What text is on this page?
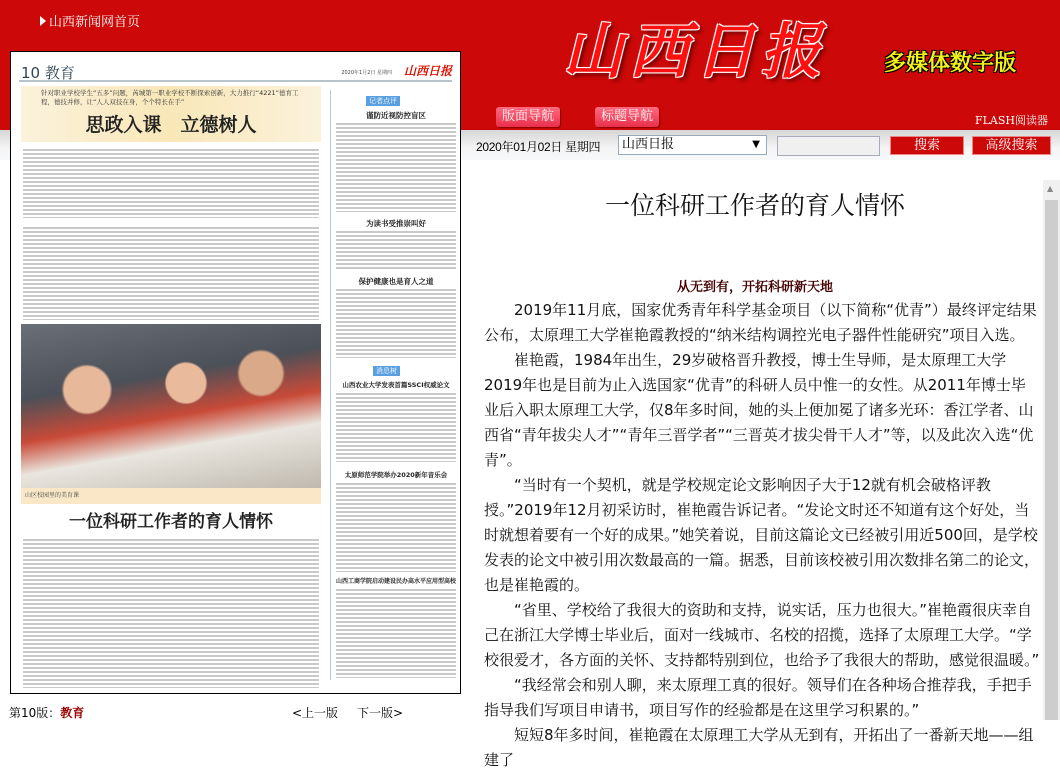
山西新闻网首页	山西日报	多媒体数字版
版面导航	标题导航	FLASH阅读器
2020年01月02日 星期四	山西日报	▼	搜索	高级搜索
10 教育	2020年1月2日 星期四 山西日报
针对职业学校学生“五多”问题，芮城第一职业学校不断探索创新，大力推行“4221”德育工程，德技并修，让“人人双技在身，个个特长在手”
思政入课　立德树人
记者点评
谨防近视防控盲区
为读书受推崇叫好
保护健康也是育人之道
消息树
山西农业大学发表首篇SSCI权威论文
太原师范学院举办2020新年音乐会
山西工商学院启动建设民办高水平应用型高校
山区校园里的美育课
一位科研工作者的育人情怀
第10版：教育	<上一版 下一版>
▲
一位科研工作者的育人情怀
从无到有，开拓科研新天地

2019年11月底，国家优秀青年科学基金项目（以下简称“优青”）最终评定结果公布，太原理工大学崔艳霞教授的“纳米结构调控光电子器件性能研究”项目入选。

崔艳霞，1984年出生，29岁破格晋升教授，博士生导师，是太原理工大学2019年也是目前为止入选国家“优青”的科研人员中惟一的女性。从2011年博士毕业后入职太原理工大学，仅8年多时间，她的头上便加冕了诸多光环：香江学者、山西省“青年拔尖人才”“青年三晋学者”“三晋英才拔尖骨干人才”等，以及此次入选“优青”。

“当时有一个契机，就是学校规定论文影响因子大于12就有机会破格评教授。”2019年12月初采访时，崔艳霞告诉记者。“发论文时还不知道有这个好处，当时就想着要有一个好的成果。”她笑着说，目前这篇论文已经被引用近500回，是学校发表的论文中被引用次数最高的一篇。据悉，目前该校被引用次数排名第二的论文，也是崔艳霞的。

“省里、学校给了我很大的资助和支持，说实话，压力也很大。”崔艳霞很庆幸自己在浙江大学博士毕业后，面对一线城市、名校的招揽，选择了太原理工大学。“学校很爱才，各方面的关怀、支持都特别到位，也给予了我很大的帮助，感觉很温暖。”

“我经常会和别人聊，来太原理工真的很好。领导们在各种场合推荐我，手把手指导我们写项目申请书，项目写作的经验都是在这里学习积累的。”

短短8年多时间，崔艳霞在太原理工大学从无到有，开拓出了一番新天地——组建了
